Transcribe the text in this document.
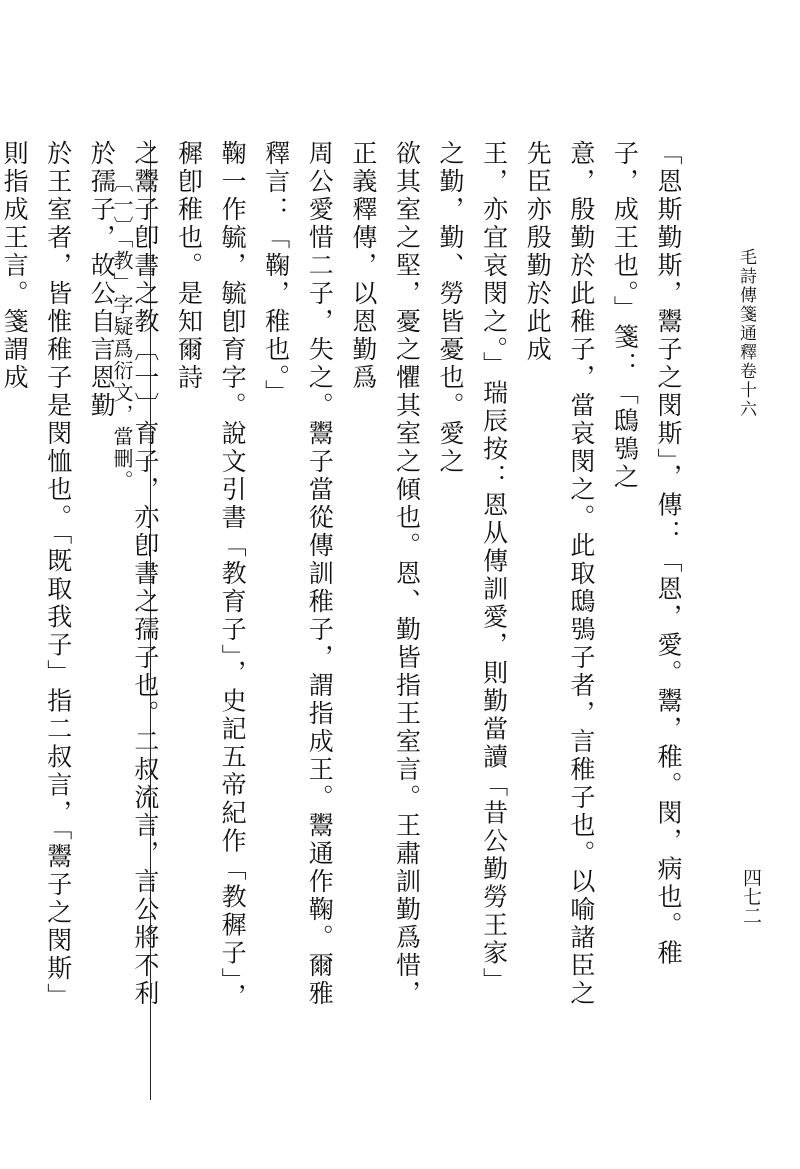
毛詩傳箋通釋卷十六
四七二
「恩斯勤斯，鬻子之閔斯」，傳：「恩，愛。鬻，稚。閔，病也。稚子，成王也。」箋：「鴟鴞之
意，殷勤於此稚子，當哀閔之。此取鴟鴞子者，言稚子也。以喻諸臣之先臣亦殷勤於此成
王，亦宜哀閔之。」瑞辰按：恩从傳訓愛，則勤當讀「昔公勤勞王家」之勤，勤、勞皆憂也。愛之
欲其室之堅，憂之懼其室之傾也。恩、勤皆指王室言。王肅訓勤爲惜，正義釋傳，以恩勤爲
周公愛惜二子，失之。鬻子當從傳訓稚子，謂指成王。鬻通作鞠。爾雅釋言：「鞠，稚也。」
鞠一作毓，毓卽育字。說文引書「教育子」，史記五帝紀作「教穉子」，穉卽稚也。是知爾詩
之鬻子卽書之教〔一〕育子，亦卽書之孺子也。二叔流言，言公將不利於孺子，故公自言恩勤
於王室者，皆惟稚子是閔恤也。「既取我子」指二叔言，「鬻子之閔斯」則指成王言。箋謂成	〔一〕「教」字疑爲衍文，當刪。
